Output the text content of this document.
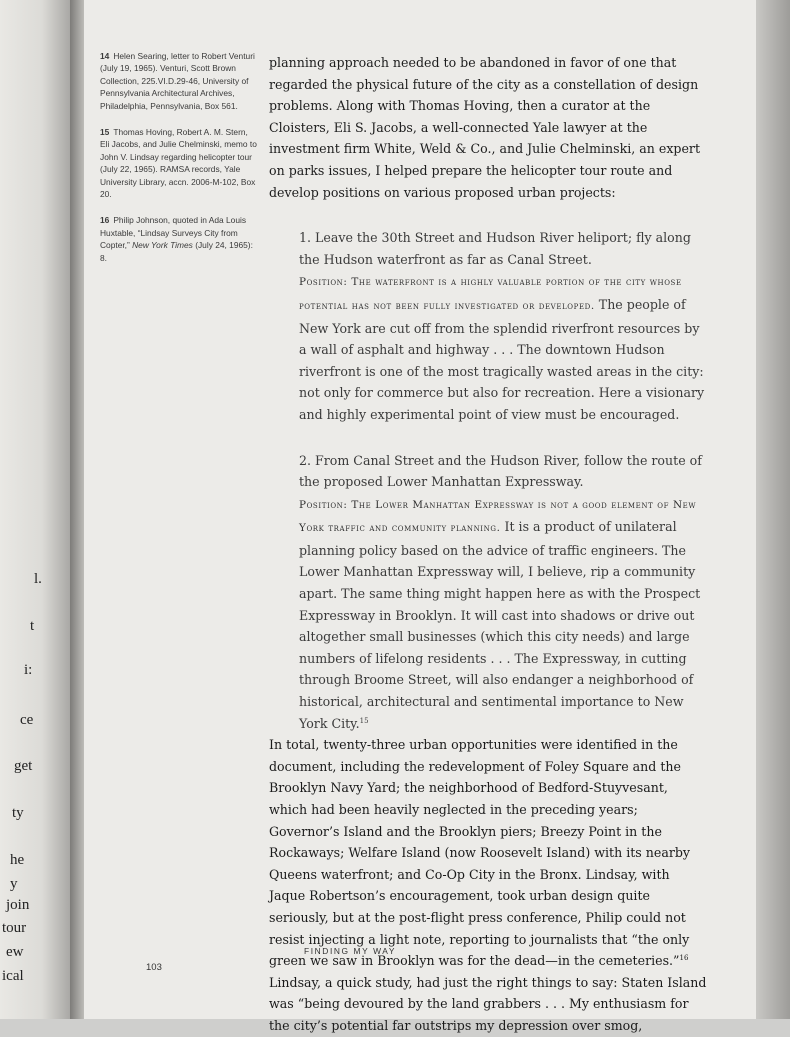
l.
t
i:
ce
get
ty
he
y
join
tour
ew
ical
14 Helen Searing, letter to Robert Venturi (July 19, 1965). Venturi, Scott Brown Collection, 225.VI.D.29-46, University of Pennsylvania Architectural Archives, Philadelphia, Pennsylvania, Box 561.
15 Thomas Hoving, Robert A. M. Stern, Eli Jacobs, and Julie Chelminski, memo to John V. Lindsay regarding helicopter tour (July 22, 1965). RAMSA records, Yale University Library, accn. 2006-M-102, Box 20.
16 Philip Johnson, quoted in Ada Louis Huxtable, “Lindsay Surveys City from Copter,” New York Times (July 24, 1965): 8.

planning approach needed to be abandoned in favor of one that regarded the physical future of the city as a constellation of design problems. Along with Thomas Hoving, then a curator at the Cloisters, Eli S. Jacobs, a well-connected Yale lawyer at the investment firm White, Weld & Co., and Julie Chelminski, an expert on parks issues, I helped prepare the helicopter tour route and develop positions on various proposed urban projects:

1. Leave the 30th Street and Hudson River heliport; fly along the Hudson waterfront as far as Canal Street.

Position: The waterfront is a highly valuable portion of the city whose potential has not been fully investigated or developed. The people of New York are cut off from the splendid riverfront resources by a wall of asphalt and highway . . . The downtown Hudson riverfront is one of the most tragically wasted areas in the city: not only for commerce but also for recreation. Here a visionary and highly experimental point of view must be encouraged.

2. From Canal Street and the Hudson River, follow the route of the proposed Lower Manhattan Expressway.

Position: The Lower Manhattan Expressway is not a good element of New York traffic and community planning. It is a product of unilateral planning policy based on the advice of traffic engineers. The Lower Manhattan Expressway will, I believe, rip a community apart. The same thing might happen here as with the Prospect Expressway in Brooklyn. It will cast into shadows or drive out altogether small businesses (which this city needs) and large numbers of lifelong residents . . . The Expressway, in cutting through Broome Street, will also endanger a neighborhood of historical, architectural and sentimental importance to New York City.$^{15}$

In total, twenty-three urban opportunities were identified in the document, including the redevelopment of Foley Square and the Brooklyn Navy Yard; the neighborhood of Bedford-Stuyvesant, which had been heavily neglected in the preceding years; Governor’s Island and the Brooklyn piers; Breezy Point in the Rockaways; Welfare Island (now Roosevelt Island) with its nearby Queens waterfront; and Co-Op City in the Bronx. Lindsay, with Jaque Robertson’s encouragement, took urban design quite seriously, but at the post-flight press conference, Philip could not resist injecting a light note, reporting to journalists that “the only green we saw in Brooklyn was for the dead—in the cemeteries.”$^{16}$ Lindsay, a quick study, had just the right things to say: Staten Island was “being devoured by the land grabbers . . . My enthusiasm for the city’s potential far outstrips my depression over smog,

FINDING MY WAY
103
